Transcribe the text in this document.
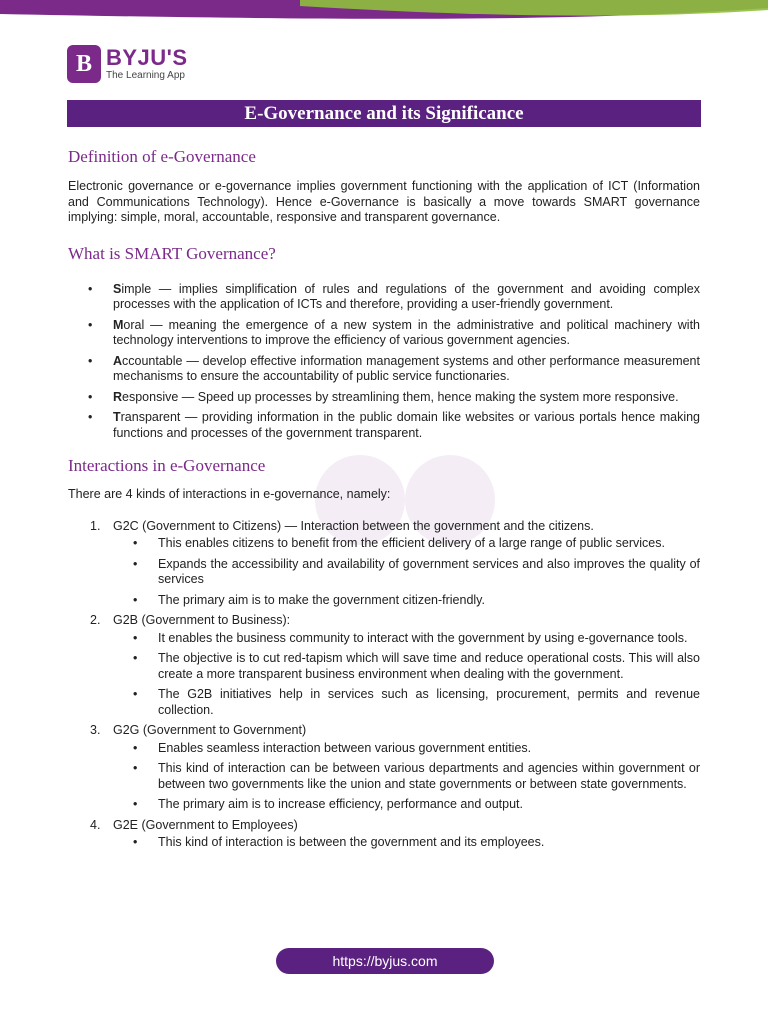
B BYJU'S
The Learning App
E-Governance and its Significance
Definition of e-Governance

Electronic governance or e-governance implies government functioning with the application of ICT (Information and Communications Technology). Hence e-Governance is basically a move towards SMART governance implying: simple, moral, accountable, responsive and transparent governance.

What is SMART Governance?
• Simple — implies simplification of rules and regulations of the government and avoiding complex processes with the application of ICTs and therefore, providing a user-friendly government.
• Moral — meaning the emergence of a new system in the administrative and political machinery with technology interventions to improve the efficiency of various government agencies.
• Accountable — develop effective information management systems and other performance measurement mechanisms to ensure the accountability of public service functionaries.
• Responsive — Speed up processes by streamlining them, hence making the system more responsive.
• Transparent — providing information in the public domain like websites or various portals hence making functions and processes of the government transparent.
Interactions in e-Governance

There are 4 kinds of interactions in e-governance, namely:

1. G2C (Government to Citizens) — Interaction between the government and the citizens.
• This enables citizens to benefit from the efficient delivery of a large range of public services.
• Expands the accessibility and availability of government services and also improves the quality of services
• The primary aim is to make the government citizen-friendly.
2. G2B (Government to Business):
• It enables the business community to interact with the government by using e-governance tools.
• The objective is to cut red-tapism which will save time and reduce operational costs. This will also create a more transparent business environment when dealing with the government.
• The G2B initiatives help in services such as licensing, procurement, permits and revenue collection.
3. G2G (Government to Government)
• Enables seamless interaction between various government entities.
• This kind of interaction can be between various departments and agencies within government or between two governments like the union and state governments or between state governments.
• The primary aim is to increase efficiency, performance and output.
4. G2E (Government to Employees)
• This kind of interaction is between the government and its employees.
https://byjus.com
